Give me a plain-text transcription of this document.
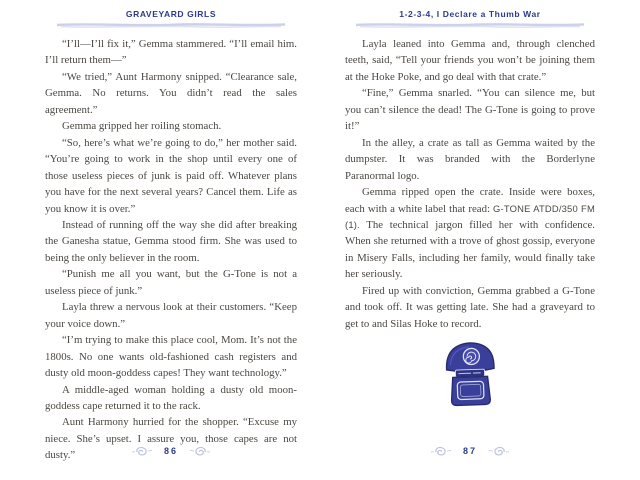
GRAVEYARD GIRLS

“I’ll—I’ll fix it,” Gemma stammered. “I’ll email him. I’ll return them—”

“We tried,” Aunt Harmony snipped. “Clearance sale, Gemma. No returns. You didn’t read the sales agreement.”

Gemma gripped her roiling stomach.

“So, here’s what we’re going to do,” her mother said. “You’re going to work in the shop until every one of those useless pieces of junk is paid off. Whatever plans you have for the next several years? Cancel them. Life as you know it is over.”

Instead of running off the way she did after breaking the Ganesha statue, Gemma stood firm. She was used to being the only believer in the room.

“Punish me all you want, but the G-Tone is not a useless piece of junk.”

Layla threw a nervous look at their customers. “Keep your voice down.”

“I’m trying to make this place cool, Mom. It’s not the 1800s. No one wants old-fashioned cash registers and dusty old moon-goddess capes! They want technology.”

A middle-aged woman holding a dusty old moon-goddess cape returned it to the rack.

Aunt Harmony hurried for the shopper. “Excuse my niece. She’s upset. I assure you, those capes are not dusty.”	86
1-2-3-4, I Declare a Thumb War

Layla leaned into Gemma and, through clenched teeth, said, “Tell your friends you won’t be joining them at the Hoke Poke, and go deal with that crate.”

“Fine,” Gemma snarled. “You can silence me, but you can’t silence the dead! The G-Tone is going to prove it!”

In the alley, a crate as tall as Gemma waited by the dumpster. It was branded with the Borderlyne Paranormal logo.

Gemma ripped open the crate. Inside were boxes, each with a white label that read: G-TONE ATDD/350 FM (1). The technical jargon filled her with confidence. When she returned with a trove of ghost gossip, everyone in Misery Falls, including her family, would finally take her seriously.

Fired up with conviction, Gemma grabbed a G-Tone and took off. It was getting late. She had a graveyard to get to and Silas Hoke to record.

87
